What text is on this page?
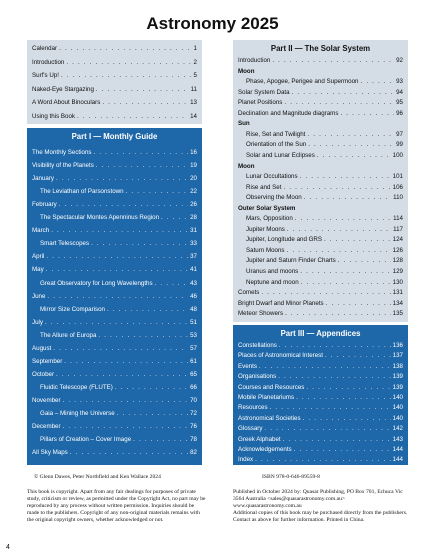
Astronomy 2025
Calendar . . .	1
Introduction . . .	2
Surf's Up! . . .	5
Naked-Eye Stargazing . . .	11
A Word About Binoculars . . .	13
Using this Book . . .	14
Part I — Monthly Guide
The Monthly Sections . . .	16
Visibility of the Planets . . .	19
January . . .	20
The Leviathan of Parsonstown . . .	22
February . . .	26
The Spectacular Montes Apenninus Region . . .	28
March . . .	31
Smart Telescopes . . .	33
April . . .	37
May . . .	41
Great Observatory for Long Wavelengths . . .	43
June . . .	46
Mirror Size Comparison . . .	48
July . . .	51
The Allure of Europa . . .	53
August . . .	57
September . . .	61
October . . .	65
Fluidic Telescope (FLUTE) . . .	66
November . . .	70
Gaia – Mining the Universe . . .	72
December . . .	76
Pillars of Creation – Cover Image . . .	78
All Sky Maps . . .	82
Part II — The Solar System
Introduction . . .	92
Moon
Phase, Apogee, Perigee and Supermoon . . .	93
Solar System Data . . .	94
Planet Positions . . .	95
Declination and Magnitude diagrams . . .	96
Sun
Rise, Set and Twilight . . .	97
Orientation of the Sun . . .	99
Solar and Lunar Eclipses . . .	100
Moon
Lunar Occultations . . .	101
Rise and Set . . .	106
Observing the Moon . . .	110
Outer Solar System
Mars, Opposition . . .	114
Jupiter Moons . . .	117
Jupiter, Longitude and GRS . . .	124
Saturn Moons . . .	126
Jupiter and Saturn Finder Charts . . .	128
Uranus and moons . . .	129
Neptune and moon . . .	130
Comets . . .	131
Bright Dwarf and Minor Planets . . .	134
Meteor Showers . . .	135
Part III — Appendices
Constellations . . .	136
Places of Astronomical Interest . . .	137
Events . . .	138
Organisations . . .	139
Courses and Resources . . .	139
Mobile Planetariums . . .	140
Resources . . .	140
Astronomical Societies . . .	140
Glossary . . .	142
Greek Alphabet . . .	143
Acknowledgements . . .	144
Index . . .	144
© Glenn Dawes, Peter Northfield and Ken Wallace 2024	ISBN 978-0-646-89559-8
This book is copyright. Apart from any fair dealings for purposes of private study, criticism or review, as permitted under the Copyright Act, no part may be reproduced by any process without written permission. Inquiries should be made to the publishers. Copyright of any non-original materials remains with the original copyright owners, whether acknowledged or not.
Published in October 2024 by: Quasar Publishing, PO Box 701, Echuca Vic 3564 Australia <sales@quasarastronomy.com.au> www.quasarastronomy.com.au
Additional copies of this book may be purchased directly from the publishers. Contact as above for further information. Printed in China.
4
